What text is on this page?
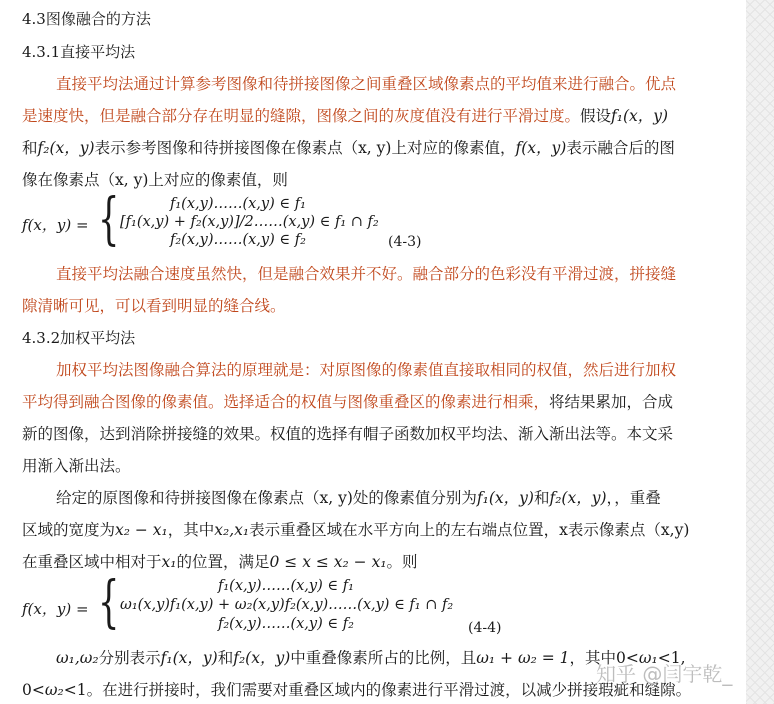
4.3图像融合的方法
4.3.1直接平均法
直接平均法通过计算参考图像和待拼接图像之间重叠区域像素点的平均值来进行融合。优点
是速度快，但是融合部分存在明显的缝隙，图像之间的灰度值没有进行平滑过度。假设f₁(x，y)
和f₂(x，y)表示参考图像和待拼接图像在像素点（x, y)上对应的像素值，f(x，y)表示融合后的图
像在像素点（x, y)上对应的像素值，则
f(x，y) = {	f₁(x,y)……(x,y) ∈ f₁
[f₁(x,y) + f₂(x,y)]/2……(x,y) ∈ f₁ ∩ f₂
f₂(x,y)……(x,y) ∈ f₂	(4-3)
直接平均法融合速度虽然快，但是融合效果并不好。融合部分的色彩没有平滑过渡，拼接缝
隙清晰可见，可以看到明显的缝合线。
4.3.2加权平均法
加权平均法图像融合算法的原理就是：对原图像的像素值直接取相同的权值，然后进行加权
平均得到融合图像的像素值。选择适合的权值与图像重叠区的像素进行相乘，将结果累加，合成
新的图像，达到消除拼接缝的效果。权值的选择有帽子函数加权平均法、渐入渐出法等。本文采
用渐入渐出法。
给定的原图像和待拼接图像在像素点（x, y)处的像素值分别为f₁(x，y)和f₂(x，y)，，重叠
区域的宽度为x₂ − x₁，其中x₂,x₁表示重叠区域在水平方向上的左右端点位置，x表示像素点（x,y)
在重叠区域中相对于x₁的位置，满足0 ≤ x ≤ x₂ − x₁。则
f(x，y) = {	f₁(x,y)……(x,y) ∈ f₁
ω₁(x,y)f₁(x,y) + ω₂(x,y)f₂(x,y)……(x,y) ∈ f₁ ∩ f₂
f₂(x,y)……(x,y) ∈ f₂	(4-4)
ω₁,ω₂分别表示f₁(x，y)和f₂(x，y)中重叠像素所占的比例，且ω₁ + ω₂ = 1，其中0<ω₁<1,
0<ω₂<1。在进行拼接时，我们需要对重叠区域内的像素进行平滑过渡，以减少拼接瑕疵和缝隙。
知乎 @闫宇乾_
